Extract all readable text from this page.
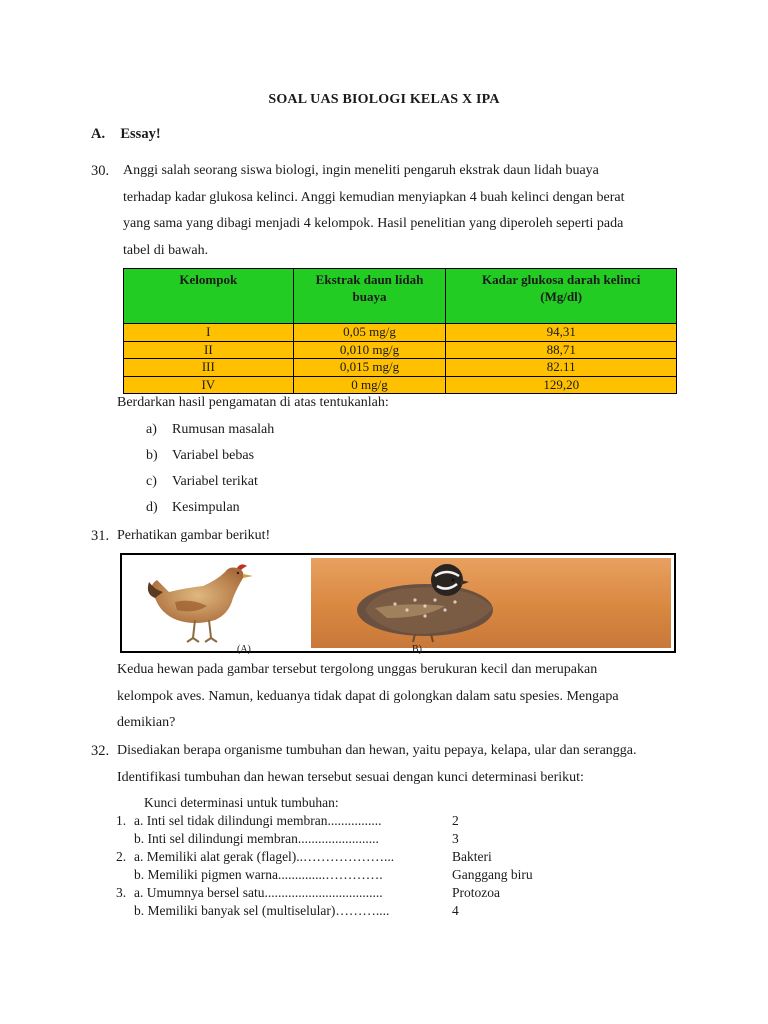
SOAL UAS BIOLOGI KELAS X IPA
A. Essay!
30. Anggi salah seorang siswa biologi, ingin meneliti pengaruh ekstrak daun lidah buaya
terhadap kadar glukosa kelinci. Anggi kemudian menyiapkan 4 buah kelinci dengan berat
yang sama yang dibagi menjadi 4 kelompok. Hasil penelitian yang diperoleh seperti pada
tabel di bawah.
Kelompok	Ekstrak daun lidah buaya	Kadar glukosa darah kelinci (Mg/dl)
I	0,05 mg/g	94,31
II	0,010 mg/g	88,71
III	0,015 mg/g	82.11
IV	0 mg/g	129,20
Berdarkan hasil pengamatan di atas tentukanlah:
a) Rumusan masalah
b) Variabel bebas
c) Variabel terikat
d) Kesimpulan
31. Perhatikan gambar berikut!
(A)	B)
Kedua hewan pada gambar tersebut tergolong unggas berukuran kecil dan merupakan
kelompok aves. Namun, keduanya tidak dapat di golongkan dalam satu spesies. Mengapa
demikian?
32. Disediakan berapa organisme tumbuhan dan hewan, yaitu pepaya, kelapa, ular dan serangga.
Identifikasi tumbuhan dan hewan tersebut sesuai dengan kunci determinasi berikut:
Kunci determinasi untuk tumbuhan:
1. a. Inti sel tidak dilindungi membran................	2
b. Inti sel dilindungi membran........................	3
2. a. Memiliki alat gerak (flagel)..………………...	Bakteri
b. Memiliki pigmen warna..............………….	Ganggang biru
3. a. Umumnya bersel satu...................................	Protozoa
b. Memiliki banyak sel (multiselular)………....	4
